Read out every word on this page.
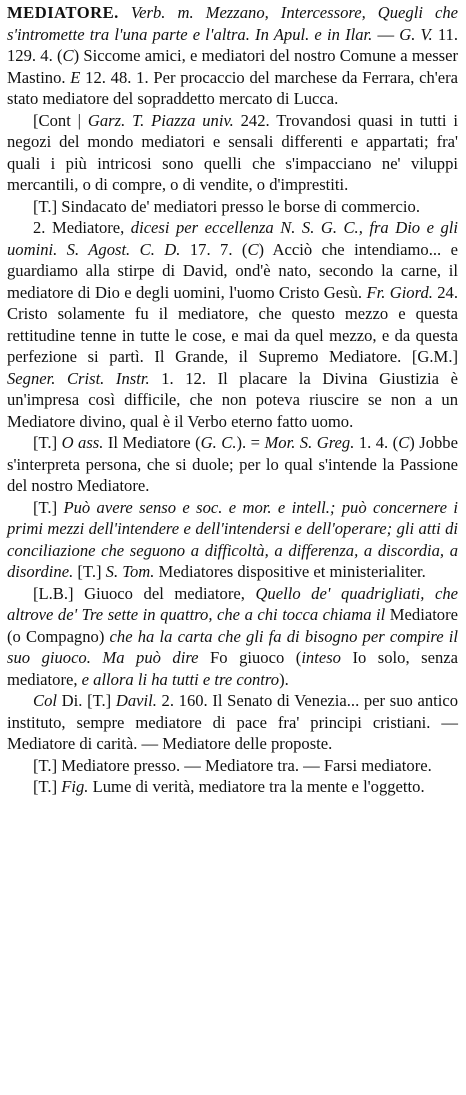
MEDIATORE. Verb. m. Mezzano, Intercessore, Quegli che s'intromette tra l'una parte e l'altra. In Apul. e in Ilar. — G. V. 11. 129. 4. (C) Siccome amici, e mediatori del nostro Comune a messer Mastino. E 12. 48. 1. Per procaccio del marchese da Ferrara, ch'era stato mediatore del sopraddetto mercato di Lucca.

[Cont | Garz. T. Piazza univ. 242. Trovandosi quasi in tutti i negozi del mondo mediatori e sensali differenti e appartati; fra' quali i più intricosi sono quelli che s'impacciano ne' viluppi mercantili, o di compre, o di vendite, o d'imprestiti.

[T.] Sindacato de' mediatori presso le borse di commercio.

2. Mediatore, dicesi per eccellenza N. S. G. C., fra Dio e gli uomini. S. Agost. C. D. 17. 7. (C) Acciò che intendiamo... e guardiamo alla stirpe di David, ond'è nato, secondo la carne, il mediatore di Dio e degli uomini, l'uomo Cristo Gesù. Fr. Giord. 24. Cristo solamente fu il mediatore, che questo mezzo e questa rettitudine tenne in tutte le cose, e mai da quel mezzo, e da questa perfezione si partì. Il Grande, il Supremo Mediatore. [G.M.] Segner. Crist. Instr. 1. 12. Il placare la Divina Giustizia è un'impresa così difficile, che non poteva riuscire se non a un Mediatore divino, qual è il Verbo eterno fatto uomo.

[T.] O ass. Il Mediatore (G. C.). = Mor. S. Greg. 1. 4. (C) Jobbe s'interpreta persona, che si duole; per lo qual s'intende la Passione del nostro Mediatore.

[T.] Può avere senso e soc. e mor. e intell.; può concernere i primi mezzi dell'intendere e dell'intendersi e dell'operare; gli atti di conciliazione che seguono a difficoltà, a differenza, a discordia, a disordine. [T.] S. Tom. Mediatores dispositive et ministerialiter.

[L.B.] Giuoco del mediatore, Quello de' quadrigliati, che altrove de' Tre sette in quattro, che a chi tocca chiama il Mediatore (o Compagno) che ha la carta che gli fa di bisogno per compire il suo giuoco. Ma può dire Fo giuoco (inteso Io solo, senza mediatore, e allora li ha tutti e tre contro).

Col Di. [T.] Davil. 2. 160. Il Senato di Venezia... per suo antico instituto, sempre mediatore di pace fra' principi cristiani. — Mediatore di carità. — Mediatore delle proposte.

[T.] Mediatore presso. — Mediatore tra. — Farsi mediatore.

[T.] Fig. Lume di verità, mediatore tra la mente e l'oggetto.
